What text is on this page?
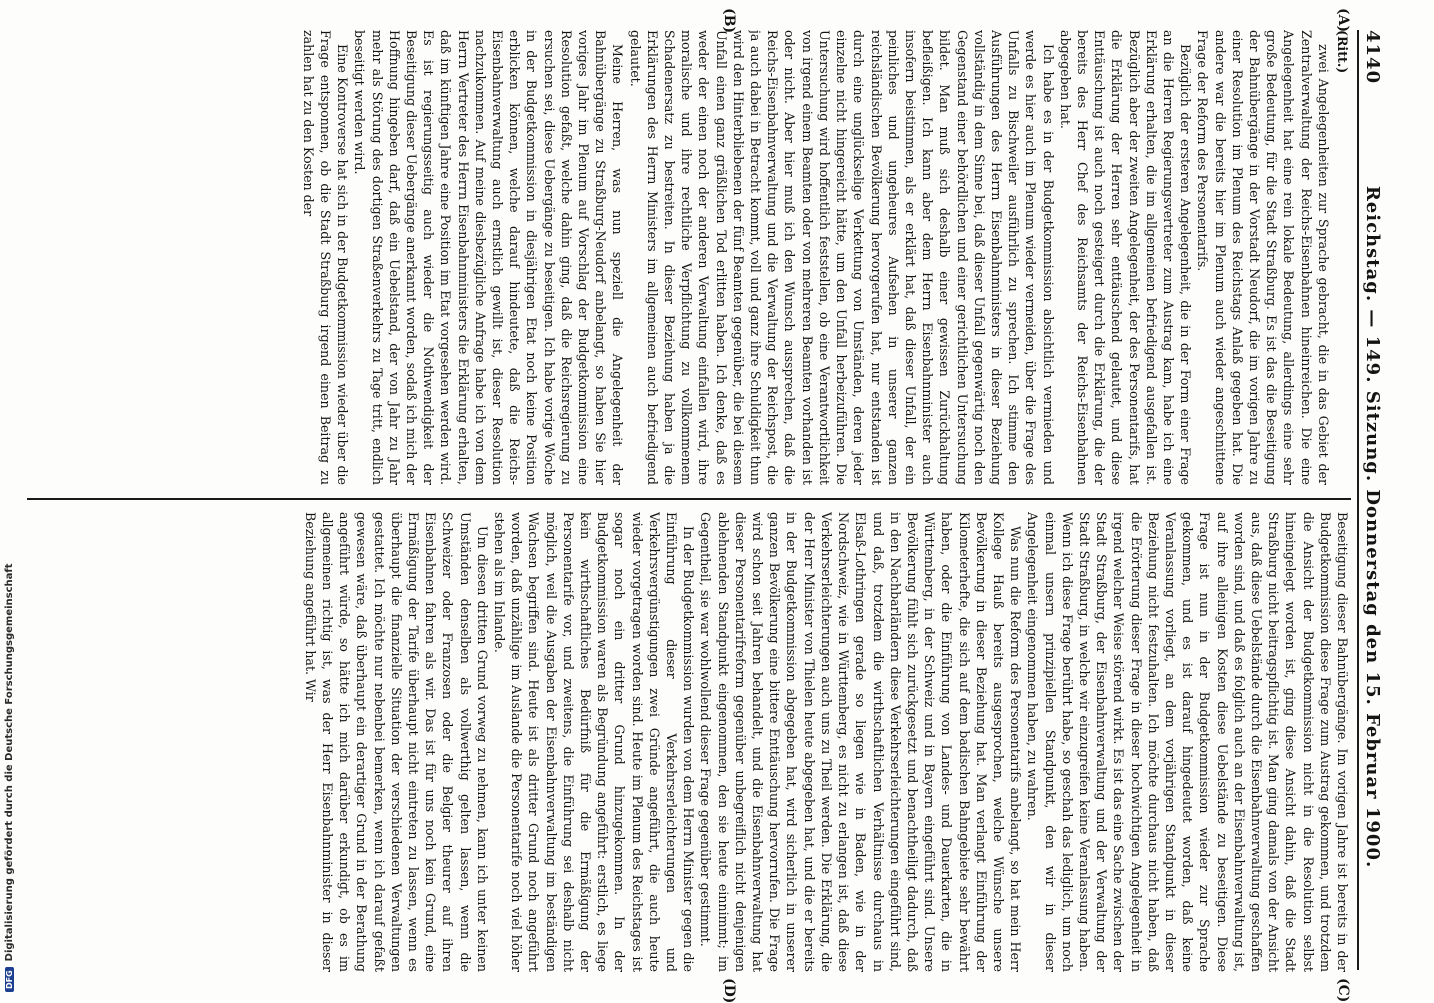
4140
Reichstag. — 149. Sitzung. Donnerstag den 15. Februar 1900.
(A)
(B)
(C)
(D)
(Ritt.)

zwei Angelegenheiten zur Sprache gebracht, die in das Gebiet der Zentralverwaltung der Reichs-Eisenbahnen hineinreichen. Die eine Angelegenheit hat eine rein lokale Bedeutung, allerdings eine sehr große Bedeutung, für die Stadt Straßburg. Es ist das die Beseitigung der Bahnübergänge in der Vorstadt Neudorf, die im vorigen Jahre zu einer Resolution im Plenum des Reichstags Anlaß gegeben hat. Die andere war die bereits hier im Plenum auch wieder angeschnittene Frage der Reform des Personentarifs.

Bezüglich der ersteren Angelegenheit, die in der Form einer Frage an die Herren Regierungsvertreter zum Austrag kam, habe ich eine Erklärung erhalten, die im allgemeinen befriedigend ausgefallen ist. Bezüglich aber der zweiten Angelegenheit, der des Personentarifs, hat die Erklärung der Herren sehr enttäuschend gelautet, und diese Enttäuschung ist auch noch gesteigert durch die Erklärung, die der bereits des Herr Chef des Reichsamts der Reichs-Eisenbahnen abgegeben hat.

Ich habe es in der Budgetkommission absichtlich vermieden und werde es hier auch im Plenum wieder vermeiden, über die Frage des Unfalls zu Bischweiler ausführlich zu sprechen. Ich stimme den Ausführungen des Herrn Eisenbahnministers in dieser Beziehung vollständig in dem Sinne bei, daß dieser Unfall gegenwärtig noch den Gegenstand einer behördlichen und einer gerichtlichen Untersuchung bildet. Man muß sich deshalb einer gewissen Zurückhaltung befleißigen. Ich kann aber dem Herrn Eisenbahnminister auch insofern beistimmen, als er erklärt hat, daß dieser Unfall, der ein peinliches und ungeheures Aufsehen in unserer ganzen reichsländischen Bevölkerung hervorgerufen hat, nur entstanden ist durch eine unglückselige Verkettung von Umständen, deren jeder einzelne nicht hingereicht hätte, um den Unfall herbeizuführen. Die Untersuchung wird hoffentlich feststellen, ob eine Verantwortlichkeit von irgend einem Beamten oder von mehreren Beamten vorhanden ist oder nicht. Aber hier muß ich den Wunsch aussprechen, daß die Reichs-Eisenbahnverwaltung und die Verwaltung der Reichspost, die ja auch dabei in Betracht kommt, voll und ganz ihre Schuldigkeit thun wird den Hinterbliebenen der fünf Beamten gegenüber, die bei diesem Unfall einen ganz gräßlichen Tod erlitten haben. Ich denke, daß es weder der einen noch der anderen Verwaltung einfallen wird, ihre moralische und ihre rechtliche Verpflichtung zu vollkommenem Schadenersatz zu bestreiten. In dieser Beziehung haben ja die Erklärungen des Herrn Ministers im allgemeinen auch befriedigend gelautet.

Meine Herren, was nun speziell die Angelegenheit der Bahnübergänge zu Straßburg-Neudorf anbelangt, so haben Sie hier voriges Jahr im Plenum auf Vorschlag der Budgetkommission eine Resolution gefaßt, welche dahin ging, daß die Reichsregierung zu ersuchen sei, diese Uebergänge zu beseitigen. Ich habe vorige Woche in der Budgetkommission in diesjährigen Etat noch keine Position erblicken können, welche darauf hindeutete, daß die Reichs-Eisenbahnverwaltung auch ernstlich gewillt ist, dieser Resolution nachzukommen. Auf meine diesbezügliche Anfrage habe ich von dem Herrn Vertreter des Herrn Eisenbahnministers die Erklärung erhalten, daß im künftigen Jahre eine Position im Etat vorgesehen werden wird. Es ist regierungsseitig auch wieder die Nothwendigkeit der Beseitigung dieser Uebergänge anerkannt worden, sodaß ich mich der Hoffnung hingeben darf, daß ein Uebelstand, der von Jahr zu Jahr mehr als Störung des dortigen Straßenverkehrs zu Tage tritt, endlich beseitigt werden wird.

Eine Kontroverse hat sich in der Budgetkommission wieder über die Frage entsponnen, ob die Stadt Straßburg irgend einen Beitrag zu zahlen hat zu den Kosten der

Beseitigung dieser Bahnübergänge. Im vorigen Jahre ist bereits in der Budgetkommission diese Frage zum Austrag gekommen, und trotzdem die Ansicht der Budgetkommission nicht in die Resolution selbst hineingelegt worden ist, ging diese Ansicht dahin, daß die Stadt Straßburg nicht beitragspflichtig ist. Man ging damals von der Ansicht aus, daß diese Uebelstände durch die Eisenbahnverwaltung geschaffen worden sind, und daß es folglich auch an der Eisenbahnverwaltung ist, auf ihre alleinigen Kosten diese Uebelstände zu beseitigen. Diese Frage ist nun in der Budgetkommission wieder zur Sprache gekommen, und es ist darauf hingedeutet worden, daß keine Veranlassung vorliegt, an dem vorjährigen Standpunkt in dieser Beziehung nicht festzuhalten. Ich möchte durchaus nicht haben, daß die Erörterung dieser Frage in dieser hochwichtigen Angelegenheit in irgend welcher Weise störend wirkt. Es ist das eine Sache zwischen der Stadt Straßburg, der Eisenbahnverwaltung und der Verwaltung der Stadt Straßburg, in welche wir einzugreifen keine Veranlassung haben. Wenn ich diese Frage berührt habe, so geschah das lediglich, um noch einmal unsern prinzipiellen Standpunkt, den wir in dieser Angelegenheit eingenommen haben, zu wahren.

Was nun die Reform des Personentarifs anbelangt, so hat mein Herr Kollege Hauß bereits ausgesprochen, welche Wünsche unsere Bevölkerung in dieser Beziehung hat. Man verlangt Einführung der Kilometerhefte, die sich auf dem badischen Bahngebiete sehr bewährt haben, oder die Einführung von Landes- und Dauerkarten, die in Württemberg, in der Schweiz und in Bayern eingeführt sind. Unsere Bevölkerung fühlt sich zurückgesetzt und benachtheiligt dadurch, daß in den Nachbarländern diese Verkehrserleichterungen eingeführt sind, und daß, trotzdem die wirthschaftlichen Verhältnisse durchaus in Elsaß-Lothringen gerade so liegen wie in Baden, wie in der Nordschweiz, wie in Württemberg, es nicht zu erlangen ist, daß diese Verkehrserleichterungen auch uns zu Theil werden. Die Erklärung, die der Herr Minister von Thielen heute abgegeben hat, und die er bereits in der Budgetkommission abgegeben hat, wird sicherlich in unserer ganzen Bevölkerung eine bittere Enttäuschung hervorrufen. Die Frage wird schon seit Jahren behandelt, und die Eisenbahnverwaltung hat dieser Personentarifreform gegenüber unbegreiflich nicht denjenigen ablehnenden Standpunkt eingenommen, den sie heute einnimmt; im Gegentheil, sie war wohlwollend dieser Frage gegenüber gestimmt.

In der Budgetkommission wurden von dem Herrn Minister gegen die Einführung dieser Verkehrserleichterungen und Verkehrsvergünstigungen zwei Gründe angeführt, die auch heute wieder vorgetragen worden sind. Heute im Plenum des Reichstages ist sogar noch ein dritter Grund hinzugekommen. In der Budgetkommission waren als Begründung angeführt: erstlich, es liege kein wirthschaftliches Bedürfniß für die Ermäßigung der Personentarife vor, und zweitens, die Einführung sei deshalb nicht möglich, weil die Ausgaben der Eisenbahnverwaltung im beständigen Wachsen begriffen sind. Heute ist als dritter Grund noch angeführt worden, daß unzählige im Auslande die Personentarife noch viel höher stehen als im Inlande.

Um diesen dritten Grund vorweg zu nehmen, kann ich unter keinen Umständen denselben als vollwerthig gelten lassen, wenn die Schweizer oder Franzosen oder die Belgier theurer auf ihren Eisenbahnen fahren als wir. Das ist für uns noch kein Grund, eine Ermäßigung der Tarife überhaupt nicht eintreten zu lassen, wenn es überhaupt die finanzielle Situation der verschiedenen Verwaltungen gestattet. Ich möchte nur nebenbei bemerken, wenn ich darauf gefaßt gewesen wäre, daß überhaupt ein derartiger Grund in der Berathung angeführt würde, so hätte ich mich darüber erkundigt, ob es im allgemeinen richtig ist, was der Herr Eisenbahnminister in dieser Beziehung angeführt hat. Wir

DFG
Digitalisierung gefördert durch die Deutsche Forschungsgemeinschaft
